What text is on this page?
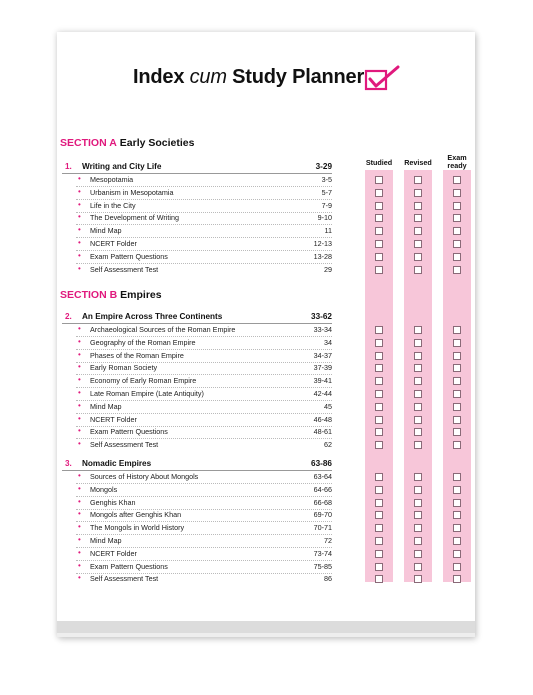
Index cum Study Planner
Studied	Revised
Exam ready
SECTION A Early Societies
1. Writing and City Life	3-29
• Mesopotamia	3-5
• Urbanism in Mesopotamia	5-7
• Life in the City	7-9
• The Development of Writing	9-10
• Mind Map	11
• NCERT Folder	12-13
• Exam Pattern Questions	13-28
• Self Assessment Test	29
SECTION B Empires
2. An Empire Across Three Continents	33-62
• Archaeological Sources of the Roman Empire	33-34
• Geography of the Roman Empire	34
• Phases of the Roman Empire	34-37
• Early Roman Society	37-39
• Economy of Early Roman Empire	39-41
• Late Roman Empire (Late Antiquity)	42-44
• Mind Map	45
• NCERT Folder	46-48
• Exam Pattern Questions	48-61
• Self Assessment Test	62
3. Nomadic Empires	63-86
• Sources of History About Mongols	63-64
• Mongols	64-66
• Genghis Khan	66-68
• Mongols after Genghis Khan	69-70
• The Mongols in World History	70-71
• Mind Map	72
• NCERT Folder	73-74
• Exam Pattern Questions	75-85
• Self Assessment Test	86
